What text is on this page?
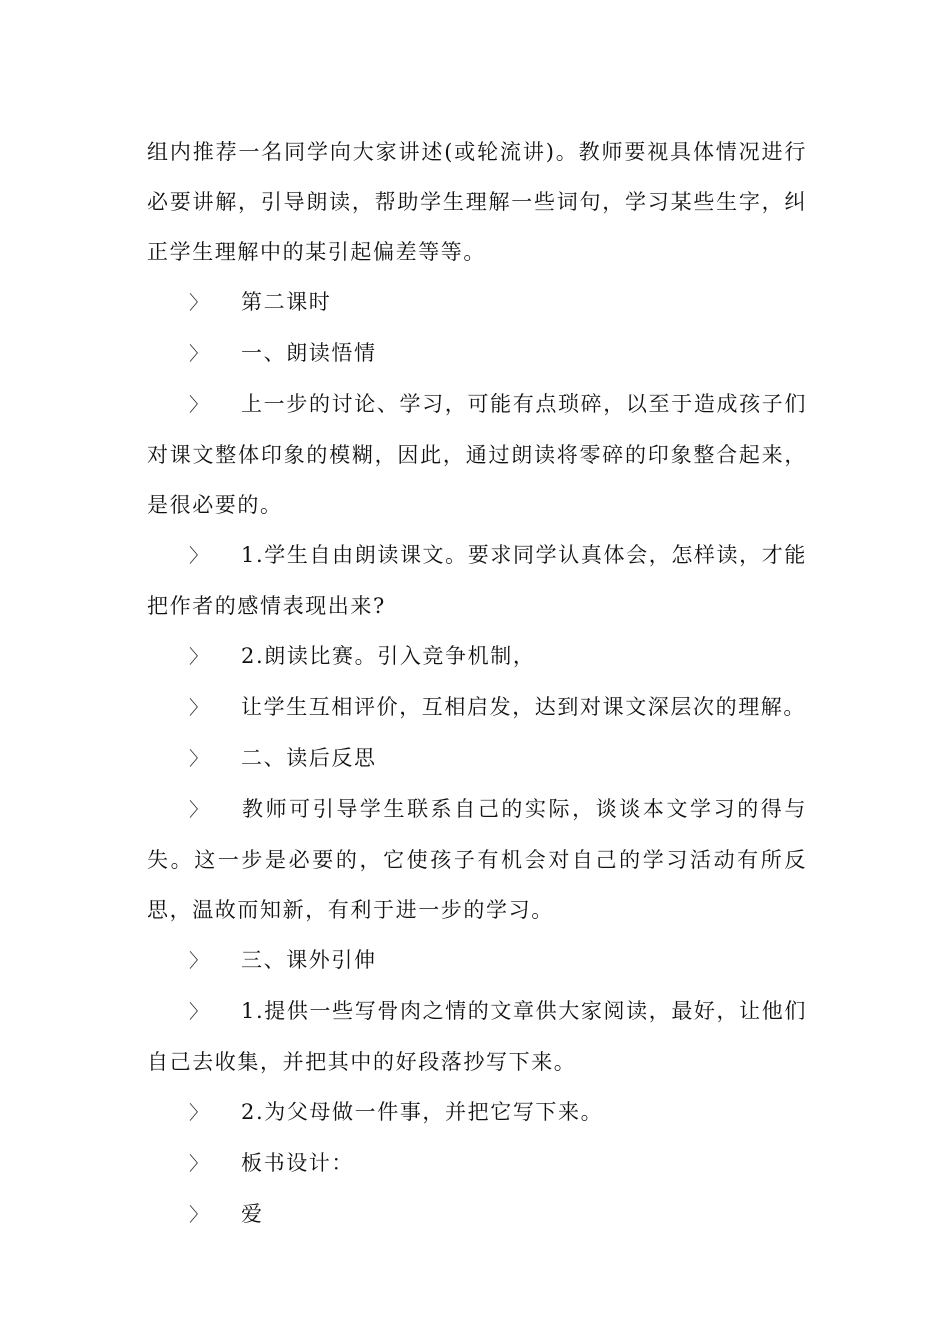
组内推荐一名同学向大家讲述(或轮流讲)。教师要视具体情况进行必要讲解，引导朗读，帮助学生理解一些词句，学习某些生字，纠正学生理解中的某引起偏差等等。

〉 第二课时

〉 一、朗读悟情

〉 上一步的讨论、学习，可能有点琐碎，以至于造成孩子们对课文整体印象的模糊，因此，通过朗读将零碎的印象整合起来，是很必要的。

〉 1.学生自由朗读课文。要求同学认真体会，怎样读，才能把作者的感情表现出来?

〉 2.朗读比赛。引入竞争机制，

〉 让学生互相评价，互相启发，达到对课文深层次的理解。

〉 二、读后反思

〉 教师可引导学生联系自己的实际，谈谈本文学习的得与失。这一步是必要的，它使孩子有机会对自己的学习活动有所反思，温故而知新，有利于进一步的学习。

〉 三、课外引伸

〉 1.提供一些写骨肉之情的文章供大家阅读，最好，让他们自己去收集，并把其中的好段落抄写下来。

〉 2.为父母做一件事，并把它写下来。

〉 板书设计：

〉 爱
